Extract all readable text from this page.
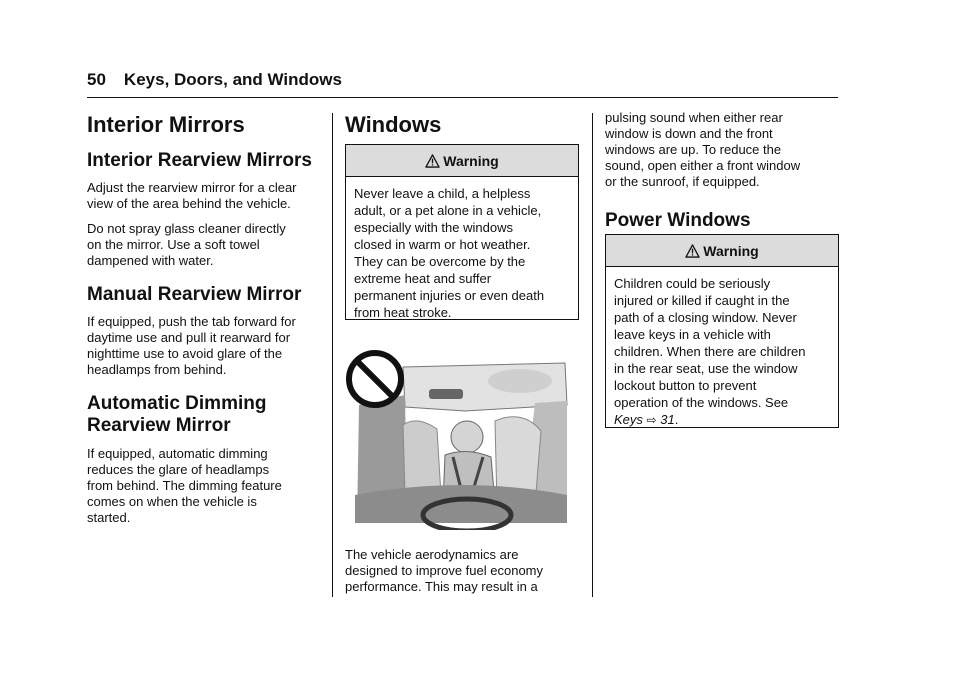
50 Keys, Doors, and Windows
Interior Mirrors
Interior Rearview Mirrors

Adjust the rearview mirror for a clear
view of the area behind the vehicle.

Do not spray glass cleaner directly
on the mirror. Use a soft towel
dampened with water.

Manual Rearview Mirror

If equipped, push the tab forward for
daytime use and pull it rearward for
nighttime use to avoid glare of the
headlamps from behind.

Automatic Dimming
Rearview Mirror

If equipped, automatic dimming
reduces the glare of headlamps
from behind. The dimming feature
comes on when the vehicle is
started.

Windows
Warning
Never leave a child, a helpless
adult, or a pet alone in a vehicle,
especially with the windows
closed in warm or hot weather.
They can be overcome by the
extreme heat and suffer
permanent injuries or even death
from heat stroke.

The vehicle aerodynamics are
designed to improve fuel economy
performance. This may result in a

pulsing sound when either rear
window is down and the front
windows are up. To reduce the
sound, open either a front window
or the sunroof, if equipped.

Power Windows
Warning
Children could be seriously
injured or killed if caught in the
path of a closing window. Never
leave keys in a vehicle with
children. When there are children
in the rear seat, use the window
lockout button to prevent
operation of the windows. See
Keys ⇨ 31.
